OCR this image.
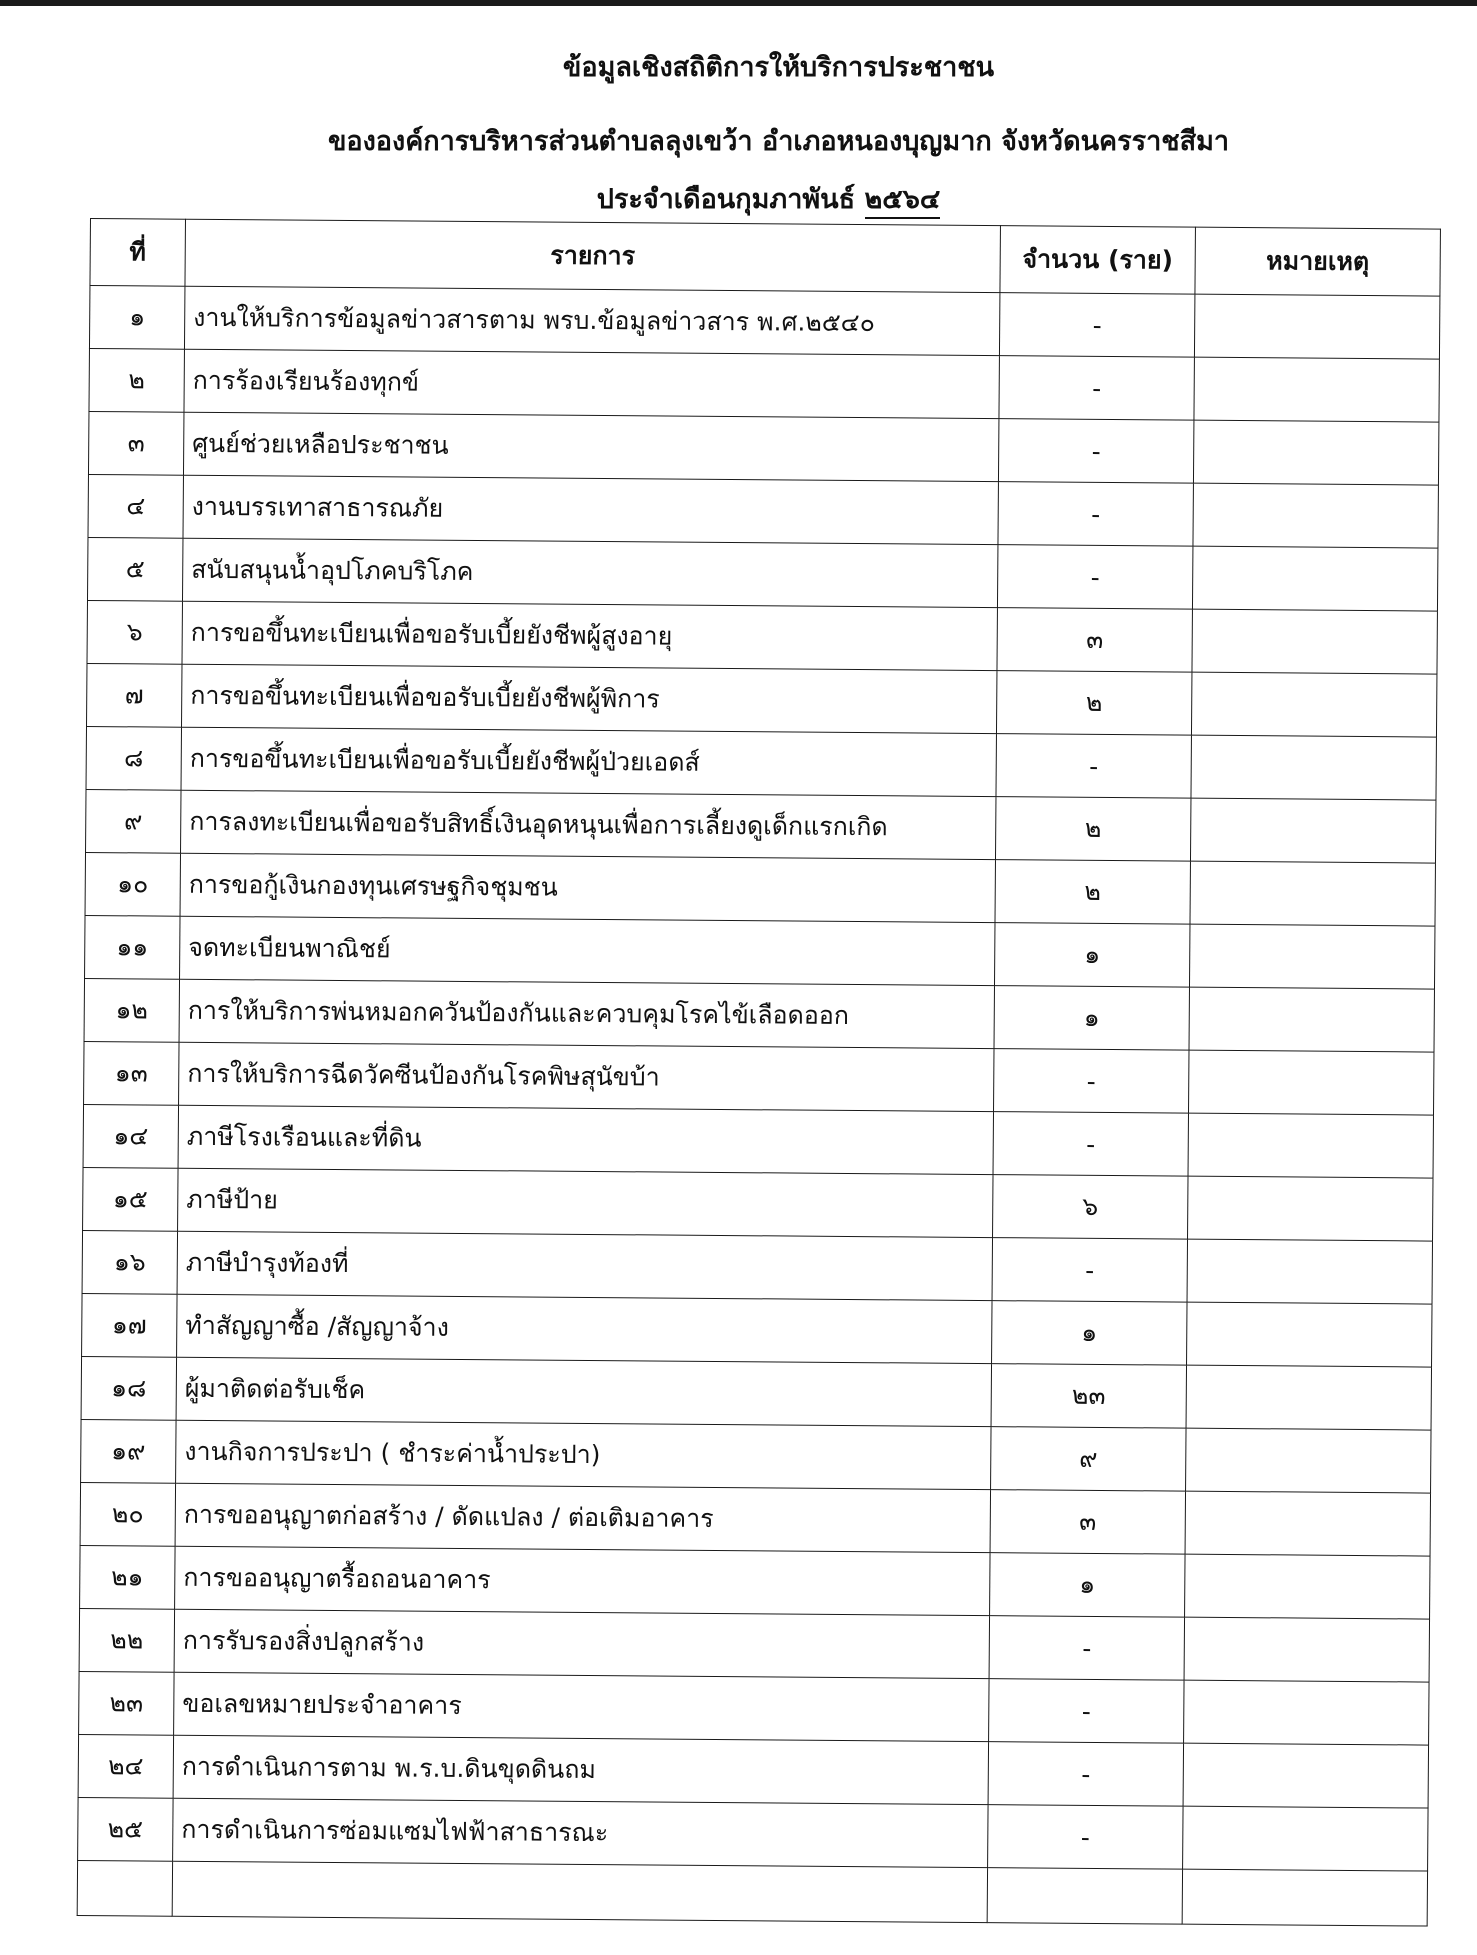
ข้อมูลเชิงสถิติการให้บริการประชาชน
ขององค์การบริหารส่วนตำบลลุงเขว้า อำเภอหนองบุญมาก จังหวัดนครราชสีมา
ประจำเดือนกุมภาพันธ์ ๒๕๖๔
ที่	รายการ	จำนวน (ราย)	หมายเหตุ
๑	งานให้บริการข้อมูลข่าวสารตาม พรบ.ข้อมูลข่าวสาร พ.ศ.๒๕๔๐	-	
๒	การร้องเรียนร้องทุกข์	-	
๓	ศูนย์ช่วยเหลือประชาชน	-	
๔	งานบรรเทาสาธารณภัย	-	
๕	สนับสนุนน้ำอุปโภคบริโภค	-	
๖	การขอขึ้นทะเบียนเพื่อขอรับเบี้ยยังชีพผู้สูงอายุ	๓	
๗	การขอขึ้นทะเบียนเพื่อขอรับเบี้ยยังชีพผู้พิการ	๒	
๘	การขอขึ้นทะเบียนเพื่อขอรับเบี้ยยังชีพผู้ป่วยเอดส์	-	
๙	การลงทะเบียนเพื่อขอรับสิทธิ์เงินอุดหนุนเพื่อการเลี้ยงดูเด็กแรกเกิด	๒	
๑๐	การขอกู้เงินกองทุนเศรษฐกิจชุมชน	๒	
๑๑	จดทะเบียนพาณิชย์	๑	
๑๒	การให้บริการพ่นหมอกควันป้องกันและควบคุมโรคไข้เลือดออก	๑	
๑๓	การให้บริการฉีดวัคซีนป้องกันโรคพิษสุนัขบ้า	-	
๑๔	ภาษีโรงเรือนและที่ดิน	-	
๑๕	ภาษีป้าย	๖	
๑๖	ภาษีบำรุงท้องที่	-	
๑๗	ทำสัญญาซื้อ /สัญญาจ้าง	๑	
๑๘	ผู้มาติดต่อรับเช็ค	๒๓	
๑๙	งานกิจการประปา ( ชำระค่าน้ำประปา)	๙	
๒๐	การขออนุญาตก่อสร้าง / ดัดแปลง / ต่อเติมอาคาร	๓	
๒๑	การขออนุญาตรื้อถอนอาคาร	๑	
๒๒	การรับรองสิ่งปลูกสร้าง	-	
๒๓	ขอเลขหมายประจำอาคาร	-	
๒๔	การดำเนินการตาม พ.ร.บ.ดินขุดดินถม	-	
๒๕	การดำเนินการซ่อมแซมไฟฟ้าสาธารณะ	-	
